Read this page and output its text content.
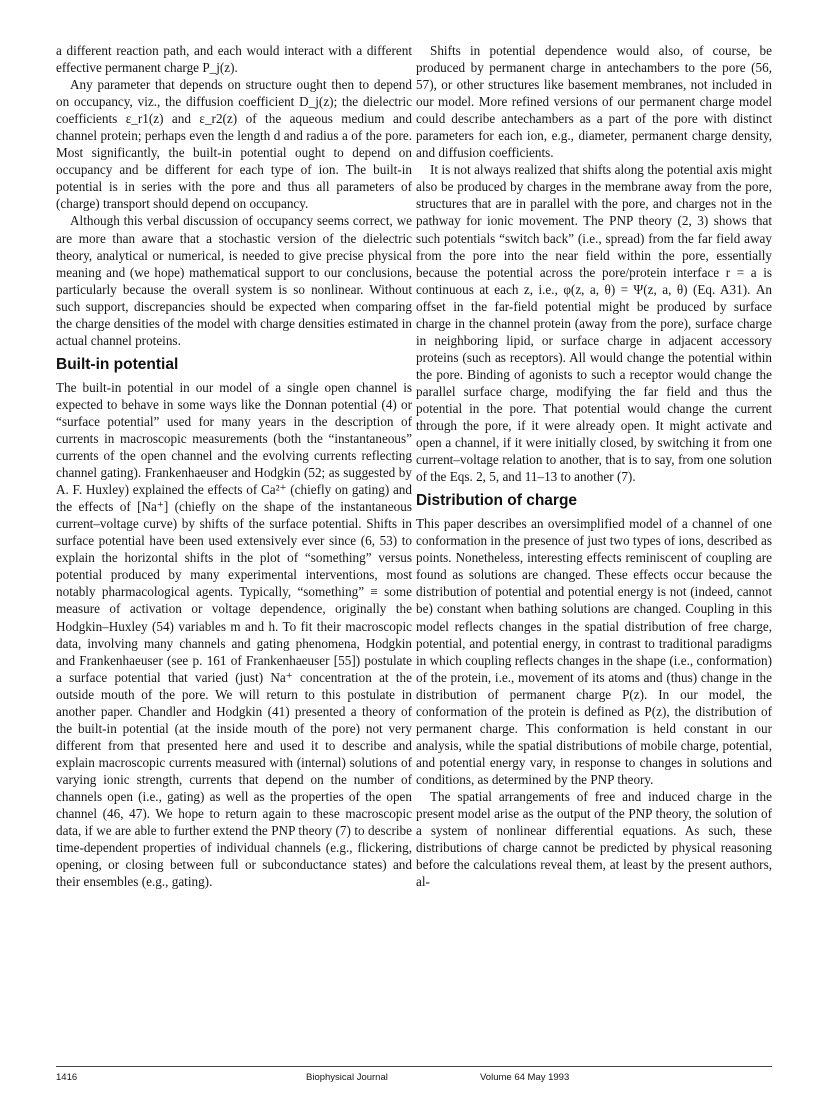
a different reaction path, and each would interact with a different effective permanent charge P_j(z).

Any parameter that depends on structure ought then to depend on occupancy, viz., the diffusion coefficient D_j(z); the dielectric coefficients ε_r1(z) and ε_r2(z) of the aqueous medium and channel protein; perhaps even the length d and radius a of the pore. Most significantly, the built-in potential ought to depend on occupancy and be different for each type of ion. The built-in potential is in series with the pore and thus all parameters of (charge) transport should depend on occupancy.

Although this verbal discussion of occupancy seems correct, we are more than aware that a stochastic version of the dielectric theory, analytical or numerical, is needed to give precise physical meaning and (we hope) mathematical support to our conclusions, particularly because the overall system is so nonlinear. Without such support, discrepancies should be expected when comparing the charge densities of the model with charge densities estimated in actual channel proteins.

Built-in potential

The built-in potential in our model of a single open channel is expected to behave in some ways like the Donnan potential (4) or “surface potential” used for many years in the description of currents in macroscopic measurements (both the “instantaneous” currents of the open channel and the evolving currents reflecting channel gating). Frankenhaeuser and Hodgkin (52; as suggested by A. F. Huxley) explained the effects of Ca²⁺ (chiefly on gating) and the effects of [Na⁺] (chiefly on the shape of the instantaneous current–voltage curve) by shifts of the surface potential. Shifts in surface potential have been used extensively ever since (6, 53) to explain the horizontal shifts in the plot of “something” versus potential produced by many experimental interventions, most notably pharmacological agents. Typically, “something” ≡ some measure of activation or voltage dependence, originally the Hodgkin–Huxley (54) variables m and h. To fit their macroscopic data, involving many channels and gating phenomena, Hodgkin and Frankenhaeuser (see p. 161 of Frankenhaeuser [55]) postulate a surface potential that varied (just) Na⁺ concentration at the outside mouth of the pore. We will return to this postulate in another paper. Chandler and Hodgkin (41) presented a theory of the built-in potential (at the inside mouth of the pore) not very different from that presented here and used it to describe and explain macroscopic currents measured with (internal) solutions of varying ionic strength, currents that depend on the number of channels open (i.e., gating) as well as the properties of the open channel (46, 47). We hope to return again to these macroscopic data, if we are able to further extend the PNP theory (7) to describe time-dependent properties of individual channels (e.g., flickering, opening, or closing between full or subconductance states) and their ensembles (e.g., gating).

Shifts in potential dependence would also, of course, be produced by permanent charge in antechambers to the pore (56, 57), or other structures like basement membranes, not included in our model. More refined versions of our permanent charge model could describe antechambers as a part of the pore with distinct parameters for each ion, e.g., diameter, permanent charge density, and diffusion coefficients.

It is not always realized that shifts along the potential axis might also be produced by charges in the membrane away from the pore, structures that are in parallel with the pore, and charges not in the pathway for ionic movement. The PNP theory (2, 3) shows that such potentials “switch back” (i.e., spread) from the far field away from the pore into the near field within the pore, essentially because the potential across the pore/protein interface r = a is continuous at each z, i.e., φ(z, a, θ) = Ψ(z, a, θ) (Eq. A31). An offset in the far-field potential might be produced by surface charge in the channel protein (away from the pore), surface charge in neighboring lipid, or surface charge in adjacent accessory proteins (such as receptors). All would change the potential within the pore. Binding of agonists to such a receptor would change the parallel surface charge, modifying the far field and thus the potential in the pore. That potential would change the current through the pore, if it were already open. It might activate and open a channel, if it were initially closed, by switching it from one current–voltage relation to another, that is to say, from one solution of the Eqs. 2, 5, and 11–13 to another (7).

Distribution of charge

This paper describes an oversimplified model of a channel of one conformation in the presence of just two types of ions, described as points. Nonetheless, interesting effects reminiscent of coupling are found as solutions are changed. These effects occur because the distribution of potential and potential energy is not (indeed, cannot be) constant when bathing solutions are changed. Coupling in this model reflects changes in the spatial distribution of free charge, potential, and potential energy, in contrast to traditional paradigms in which coupling reflects changes in the shape (i.e., conformation) of the protein, i.e., movement of its atoms and (thus) change in the distribution of permanent charge P(z). In our model, the conformation of the protein is defined as P(z), the distribution of permanent charge. This conformation is held constant in our analysis, while the spatial distributions of mobile charge, potential, and potential energy vary, in response to changes in solutions and conditions, as determined by the PNP theory.

The spatial arrangements of free and induced charge in the present model arise as the output of the PNP theory, the solution of a system of nonlinear differential equations. As such, these distributions of charge cannot be predicted by physical reasoning before the calculations reveal them, at least by the present authors, al-

1416	Biophysical Journal	Volume 64 May 1993
